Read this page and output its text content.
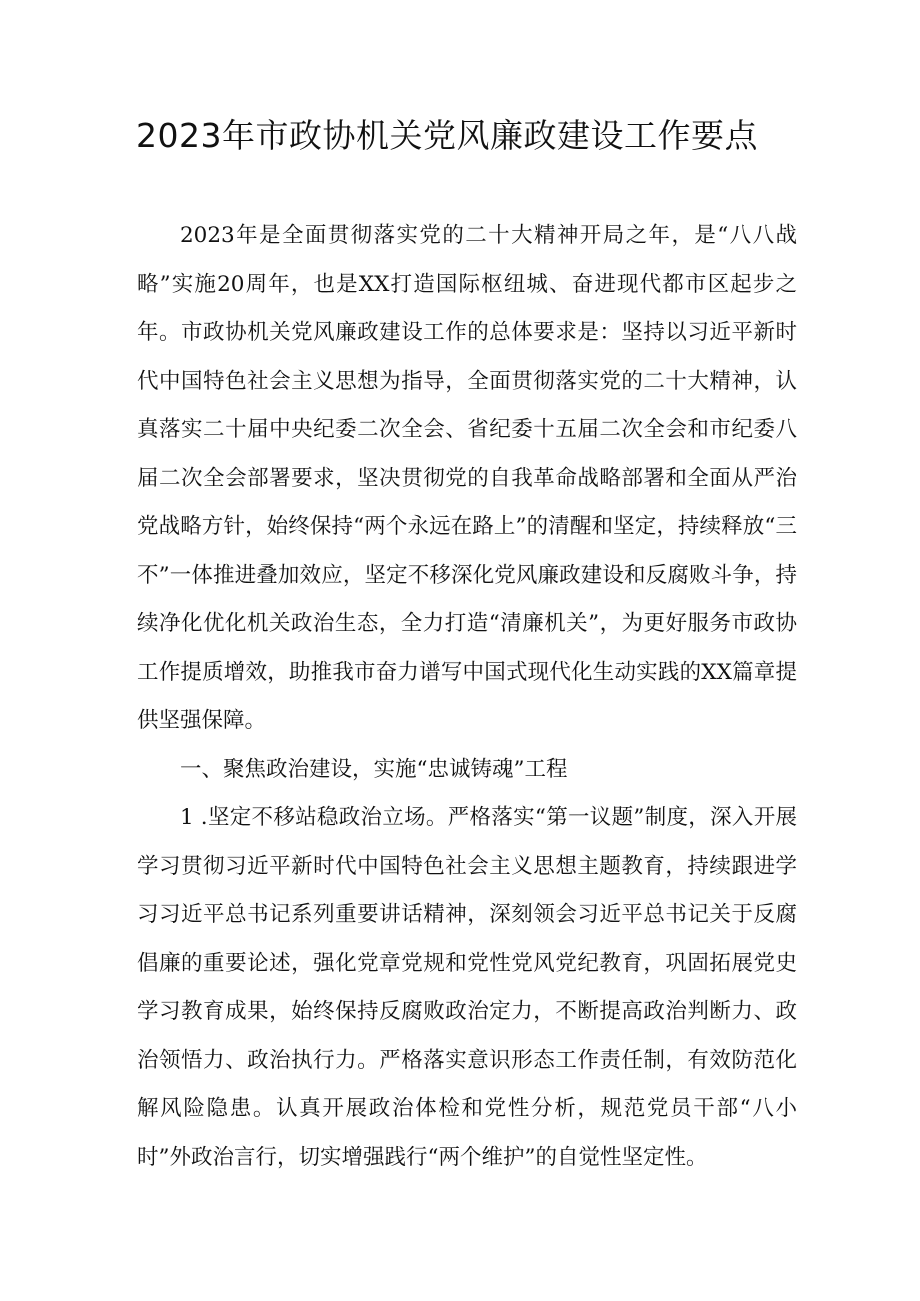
2023年市政协机关党风廉政建设工作要点

2023年是全面贯彻落实党的二十大精神开局之年，是“八八战略”实施20周年，也是XX打造国际枢纽城、奋进现代都市区起步之年。市政协机关党风廉政建设工作的总体要求是：坚持以习近平新时代中国特色社会主义思想为指导，全面贯彻落实党的二十大精神，认真落实二十届中央纪委二次全会、省纪委十五届二次全会和市纪委八届二次全会部署要求，坚决贯彻党的自我革命战略部署和全面从严治党战略方针，始终保持“两个永远在路上”的清醒和坚定，持续释放“三不”一体推进叠加效应，坚定不移深化党风廉政建设和反腐败斗争，持续净化优化机关政治生态，全力打造“清廉机关”，为更好服务市政协工作提质增效，助推我市奋力谱写中国式现代化生动实践的XX篇章提供坚强保障。

一、聚焦政治建设，实施“忠诚铸魂”工程

1 .坚定不移站稳政治立场。严格落实“第一议题”制度，深入开展学习贯彻习近平新时代中国特色社会主义思想主题教育，持续跟进学习习近平总书记系列重要讲话精神，深刻领会习近平总书记关于反腐倡廉的重要论述，强化党章党规和党性党风党纪教育，巩固拓展党史学习教育成果，始终保持反腐败政治定力，不断提高政治判断力、政治领悟力、政治执行力。严格落实意识形态工作责任制，有效防范化解风险隐患。认真开展政治体检和党性分析，规范党员干部“八小时”外政治言行，切实增强践行“两个维护”的自觉性坚定性。
